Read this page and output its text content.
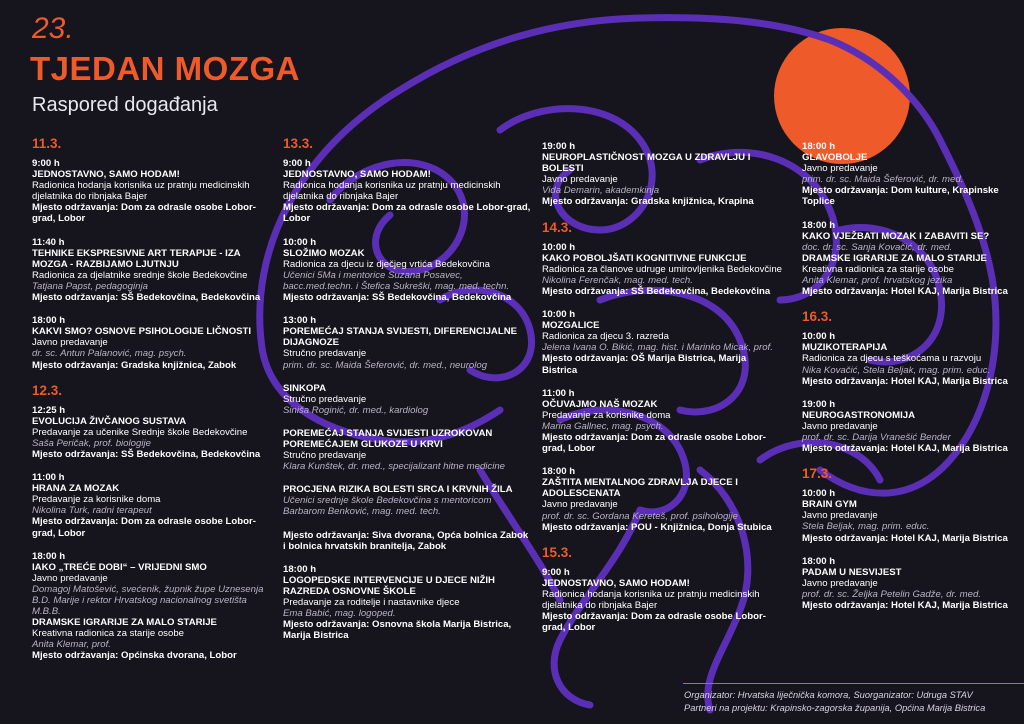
23.
TJEDAN MOZGA
Raspored događanja
11.3.
9:00 h
JEDNOSTAVNO, SAMO HODAM!
Radionica hodanja korisnika uz pratnju medicinskih djelatnika do ribnjaka Bajer
Mjesto održavanja: Dom za odrasle osobe Lobor-grad, Lobor
11:40 h
TEHNIKE EKSPRESIVNE ART TERAPIJE - IZA MOZGA - RAZBIJAMO LJUTNJU
Radionica za djelatnike srednje škole Bedekovčine
Tatjana Papst, pedagoginja
Mjesto održavanja: SŠ Bedekovčina, Bedekovčina
18:00 h
KAKVI SMO? OSNOVE PSIHOLOGIJE LIČNOSTI
Javno predavanje
dr. sc. Antun Palanović, mag. psych.
Mjesto održavanja: Gradska knjižnica, Zabok
12.3.
12:25 h
EVOLUCIJA ŽIVČANOG SUSTAVA
Predavanje za učenike Srednje škole Bedekovčine
Saša Peričak, prof. biologije
Mjesto održavanja: SŠ Bedekovčina, Bedekovčina
11:00 h
HRANA ZA MOZAK
Predavanje za korisnike doma
Nikolina Turk, radni terapeut
Mjesto održavanja: Dom za odrasle osobe Lobor-grad, Lobor
18:00 h
IAKO „TREĆE DOBI“ – VRIJEDNI SMO
Javno predavanje
Domagoj Matošević, svećenik, župnik župe Uznesenja B.D. Marije i rektor Hrvatskog nacionalnog svetišta M.B.B.
DRAMSKE IGRARIJE ZA MALO STARIJE
Kreativna radionica za starije osobe
Anita Klemar, prof.
Mjesto održavanja: Općinska dvorana, Lobor
13.3.
9:00 h
JEDNOSTAVNO, SAMO HODAM!
Radionica hodanja korisnika uz pratnju medicinskih djelatnika do ribnjaka Bajer
Mjesto održavanja: Dom za odrasle osobe Lobor-grad, Lobor
10:00 h
SLOŽIMO MOZAK
Radionica za djecu iz dječjeg vrtića Bedekovčina
Učenici 5Ma i mentorice Suzana Posavec, bacc.med.techn. i Štefica Sukreški, mag. med. techn.
Mjesto održavanja: SŠ Bedekovčina, Bedekovčina
13:00 h
POREMEĆAJ STANJA SVIJESTI, DIFERENCIJALNE DIJAGNOZE
Stručno predavanje
prim. dr. sc. Maida Šeferović, dr. med., neurolog
SINKOPA
Stručno predavanje
Siniša Roginić, dr. med., kardiolog
POREMEĆAJ STANJA SVIJESTI UZROKOVAN POREMEĆAJEM GLUKOZE U KRVI
Stručno predavanje
Klara Kunštek, dr. med., specijalizant hitne medicine
PROCJENA RIZIKA BOLESTI SRCA I KRVNIH ŽILA
Učenici srednje škole Bedekovčina s mentoricom Barbarom Benković, mag. med. tech.
Mjesto održavanja: Siva dvorana, Opća bolnica Zabok i bolnica hrvatskih branitelja, Zabok
18:00 h
LOGOPEDSKE INTERVENCIJE U DJECE NIŽIH RAZREDA OSNOVNE ŠKOLE
Predavanje za roditelje i nastavnike djece
Ema Babić, mag. logoped.
Mjesto održavanja: Osnovna škola Marija Bistrica, Marija Bistrica
19:00 h
NEUROPLASTIČNOST MOZGA U ZDRAVLJU I BOLESTI
Javno predavanje
Vida Demarin, akademkinja
Mjesto održavanja: Gradska knjižnica, Krapina
14.3.
10:00 h
KAKO POBOLJŠATI KOGNITIVNE FUNKCIJE
Radionica za članove udruge umirovljenika Bedekovčine
Nikolina Ferenčak, mag. med. tech.
Mjesto održavanja: SŠ Bedekovčina, Bedekovčina
10:00 h
MOZGALICE
Radionica za djecu 3. razreda
Jelena Ivana O. Bikić, mag. hist. i Marinko Micak, prof.
Mjesto održavanja: OŠ Marija Bistrica, Marija Bistrica
11:00 h
OČUVAJMO NAŠ MOZAK
Predavanje za korisnike doma
Marina Gallnec, mag. psych.
Mjesto održavanja: Dom za odrasle osobe Lobor-grad, Lobor
18:00 h
ZAŠTITA MENTALNOG ZDRAVLJA DJECE I ADOLESCENATA
Javno predavanje
prof. dr. sc. Gordana Kereteš, prof. psihologije
Mjesto održavanja: POU - Knjižnica, Donja Stubica
15.3.
9:00 h
JEDNOSTAVNO, SAMO HODAM!
Radionica hodanja korisnika uz pratnju medicinskih djelatnika do ribnjaka Bajer
Mjesto održavanja: Dom za odrasle osobe Lobor-grad, Lobor
18:00 h
GLAVOBOLJE
Javno predavanje
prim. dr. sc. Maida Šeferović, dr. med.
Mjesto održavanja: Dom kulture, Krapinske Toplice
18:00 h
KAKO VJEŽBATI MOZAK I ZABAVITI SE?
doc. dr. sc. Sanja Kovačić, dr. med.
DRAMSKE IGRARIJE ZA MALO STARIJE
Kreativna radionica za starije osobe
Anita Klemar, prof. hrvatskog jezika
Mjesto održavanja: Hotel KAJ, Marija Bistrica
16.3.
10:00 h
MUZIKOTERAPIJA
Radionica za djecu s teškoćama u razvoju
Nika Kovačić, Stela Beljak, mag. prim. educ.
Mjesto održavanja: Hotel KAJ, Marija Bistrica
19:00 h
NEUROGASTRONOMIJA
Javno predavanje
prof. dr. sc. Darija Vranešić Bender
Mjesto održavanja: Hotel KAJ, Marija Bistrica
17.3.
10:00 h
BRAIN GYM
Javno predavanje
Stela Beljak, mag. prim. educ.
Mjesto održavanja: Hotel KAJ, Marija Bistrica
18:00 h
PADAM U NESVIJEST
Javno predavanje
prof. dr. sc. Željka Petelin Gadže, dr. med.
Mjesto održavanja: Hotel KAJ, Marija Bistrica
Organizator: Hrvatska liječnička komora, Suorganizator: Udruga STAV
Partneri na projektu: Krapinsko-zagorska županija, Općina Marija Bistrica
